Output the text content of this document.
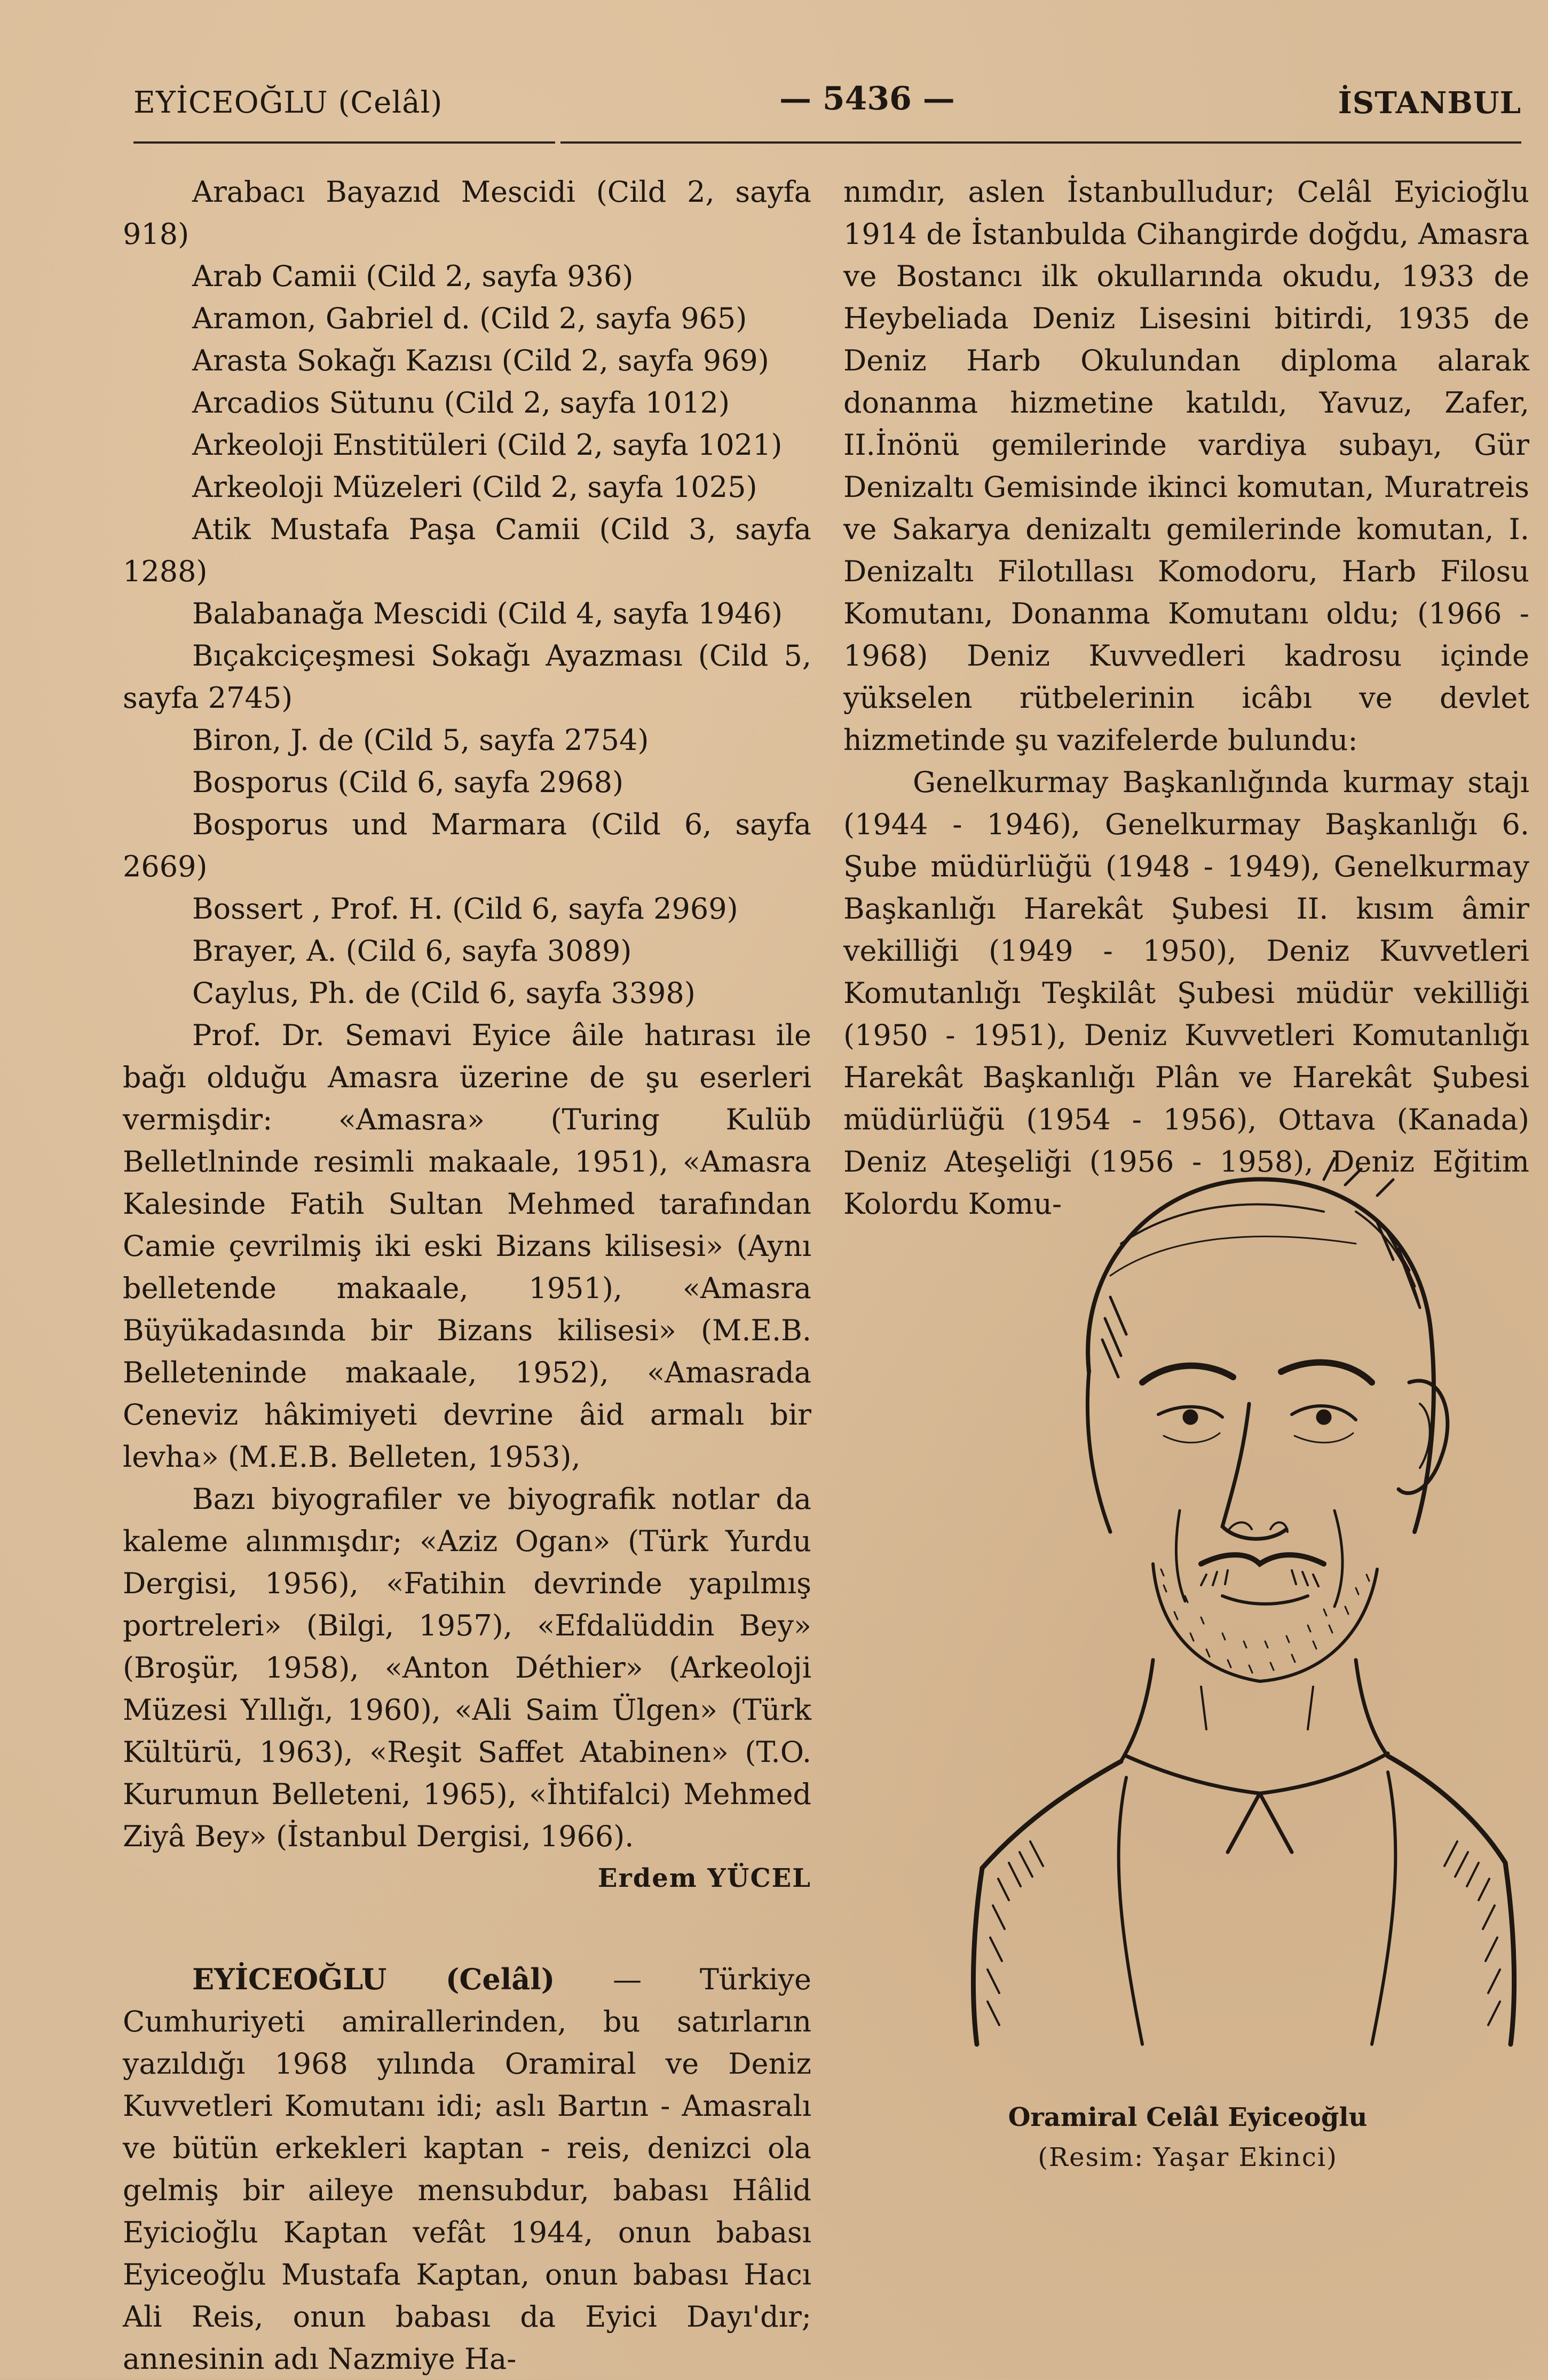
EYİCEOĞLU (Celâl)	— 5436 —	İSTANBUL

Arabacı Bayazıd Mescidi (Cild 2, sayfa 918)

Arab Camii (Cild 2, sayfa 936)

Aramon, Gabriel d. (Cild 2, sayfa 965)

Arasta Sokağı Kazısı (Cild 2, sayfa 969)

Arcadios Sütunu (Cild 2, sayfa 1012)

Arkeoloji Enstitüleri (Cild 2, sayfa 1021)

Arkeoloji Müzeleri (Cild 2, sayfa 1025)

Atik Mustafa Paşa Camii (Cild 3, sayfa 1288)

Balabanağa Mescidi (Cild 4, sayfa 1946)

Bıçakciçeşmesi Sokağı Ayazması (Cild 5, sayfa 2745)

Biron, J. de (Cild 5, sayfa 2754)

Bosporus (Cild 6, sayfa 2968)

Bosporus und Marmara (Cild 6, sayfa 2669)

Bossert , Prof. H. (Cild 6, sayfa 2969)

Brayer, A. (Cild 6, sayfa 3089)

Caylus, Ph. de (Cild 6, sayfa 3398)

Prof. Dr. Semavi Eyice âile hatırası ile bağı olduğu Amasra üzerine de şu eserleri vermişdir: «Amasra» (Turing Kulüb Belletlninde resimli makaale, 1951), «Amasra Kalesinde Fatih Sultan Mehmed tarafından Camie çevrilmiş iki eski Bizans kilisesi» (Aynı belletende makaale, 1951), «Amasra Büyükadasında bir Bizans kilisesi» (M.E.B. Belleteninde makaale, 1952), «Amasrada Ceneviz hâkimiyeti devrine âid armalı bir levha» (M.E.B. Belleten, 1953),

Bazı biyografiler ve biyografik notlar da kaleme alınmışdır; «Aziz Ogan» (Türk Yurdu Dergisi, 1956), «Fatihin devrinde yapılmış portreleri» (Bilgi, 1957), «Efdalüddin Bey» (Broşür, 1958), «Anton Déthier» (Arkeoloji Müzesi Yıllığı, 1960), «Ali Saim Ülgen» (Türk Kültürü, 1963), «Reşit Saffet Atabinen» (T.O. Kurumun Belleteni, 1965), «İhtifalci) Mehmed Ziyâ Bey» (İstanbul Dergisi, 1966).

Erdem YÜCEL

EYİCEOĞLU (Celâl) — Türkiye Cumhuriyeti amirallerinden, bu satırların yazıldığı 1968 yılında Oramiral ve Deniz Kuvvetleri Komutanı idi; aslı Bartın - Amasralı ve bütün erkekleri kaptan - reis, denizci ola gelmiş bir aileye mensubdur, babası Hâlid Eyicioğlu Kaptan vefât 1944, onun babası Eyiceoğlu Mustafa Kaptan, onun babası Hacı Ali Reis, onun babası da Eyici Dayı'dır; annesinin adı Nazmiye Ha-

nımdır, aslen İstanbulludur; Celâl Eyicioğlu 1914 de İstanbulda Cihangirde doğdu, Amasra ve Bostancı ilk okullarında okudu, 1933 de Heybeliada Deniz Lisesini bitirdi, 1935 de Deniz Harb Okulundan diploma alarak donanma hizmetine katıldı, Yavuz, Zafer, II.İnönü gemilerinde vardiya subayı, Gür Denizaltı Gemisinde ikinci komutan, Muratreis ve Sakarya denizaltı gemilerinde komutan, I. Denizaltı Filotıllası Komodoru, Harb Filosu Komutanı, Donanma Komutanı oldu; (1966 - 1968) Deniz Kuvvedleri kadrosu içinde yükselen rütbelerinin icâbı ve devlet hizmetinde şu vazifelerde bulundu:

Genelkurmay Başkanlığında kurmay stajı (1944 - 1946), Genelkurmay Başkanlığı 6. Şube müdürlüğü (1948 - 1949), Genelkurmay Başkanlığı Harekât Şubesi II. kısım âmir vekilliği (1949 - 1950), Deniz Kuvvetleri Komutanlığı Teşkilât Şubesi müdür vekilliği (1950 - 1951), Deniz Kuvvetleri Komutanlığı Harekât Başkanlığı Plân ve Harekât Şubesi müdürlüğü (1954 - 1956), Ottava (Kanada) Deniz Ateşeliği (1956 - 1958), Deniz Eğitim Kolordu Komu-

Oramiral Celâl Eyiceoğlu
(Resim: Yaşar Ekinci)
